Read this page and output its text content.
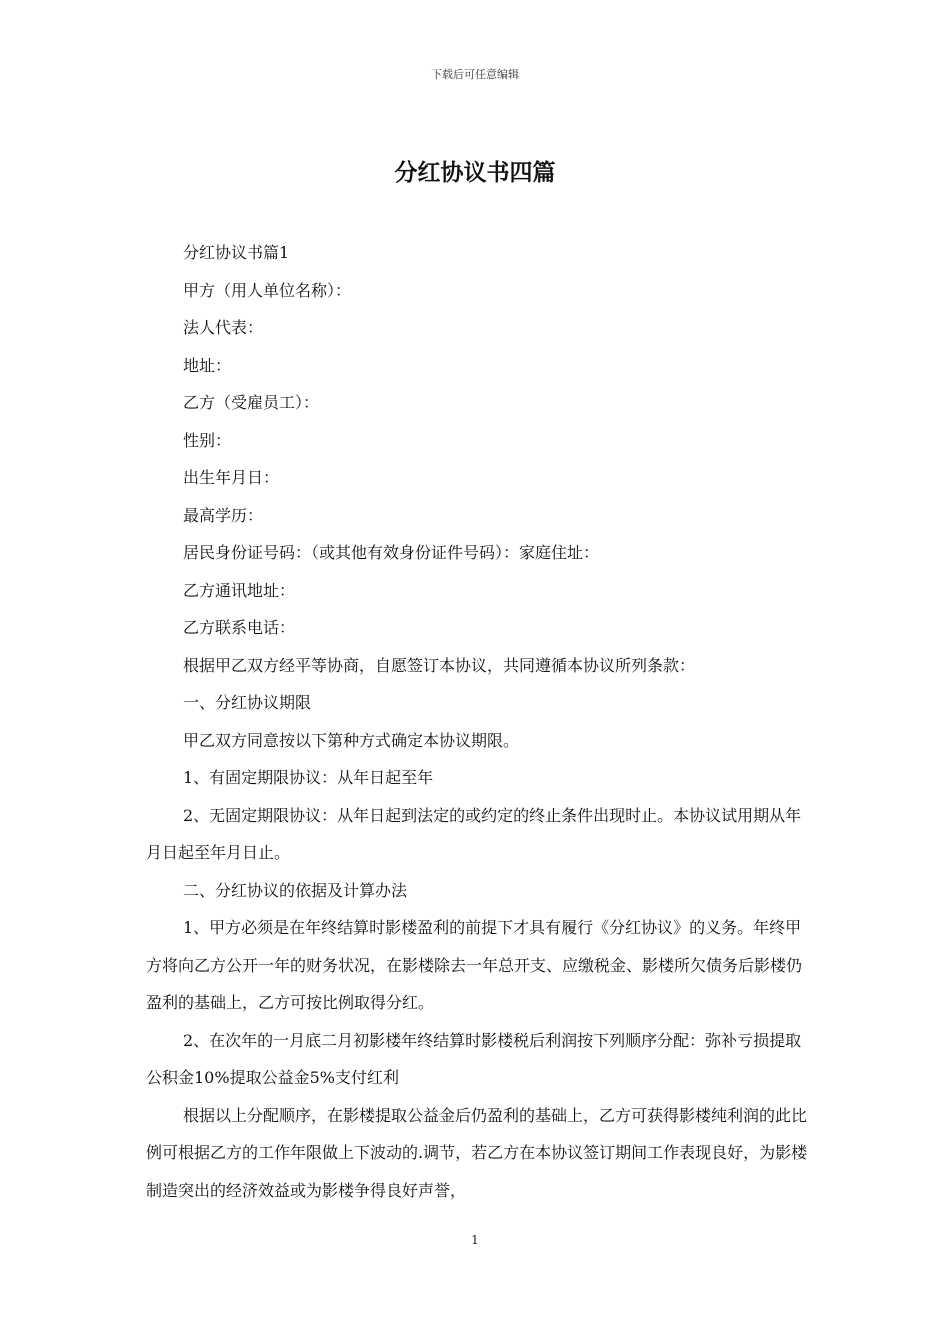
下载后可任意编辑
分红协议书四篇

分红协议书篇1

甲方（用人单位名称）：

法人代表：

地址：

乙方（受雇员工）：

性别：

出生年月日：

最高学历：

居民身份证号码：（或其他有效身份证件号码）：家庭住址：

乙方通讯地址：

乙方联系电话：

根据甲乙双方经平等协商，自愿签订本协议，共同遵循本协议所列条款：

一、分红协议期限

甲乙双方同意按以下第种方式确定本协议期限。

1、有固定期限协议：从年日起至年

2、无固定期限协议：从年日起到法定的或约定的终止条件出现时止。本协议试用期从年月日起至年月日止。

二、分红协议的依据及计算办法

1、甲方必须是在年终结算时影楼盈利的前提下才具有履行《分红协议》的义务。年终甲方将向乙方公开一年的财务状况，在影楼除去一年总开支、应缴税金、影楼所欠债务后影楼仍盈利的基础上，乙方可按比例取得分红。

2、在次年的一月底二月初影楼年终结算时影楼税后利润按下列顺序分配：弥补亏损提取公积金10%提取公益金5%支付红利

根据以上分配顺序，在影楼提取公益金后仍盈利的基础上，乙方可获得影楼纯利润的此比例可根据乙方的工作年限做上下波动的.调节，若乙方在本协议签订期间工作表现良好，为影楼制造突出的经济效益或为影楼争得良好声誉，

1
